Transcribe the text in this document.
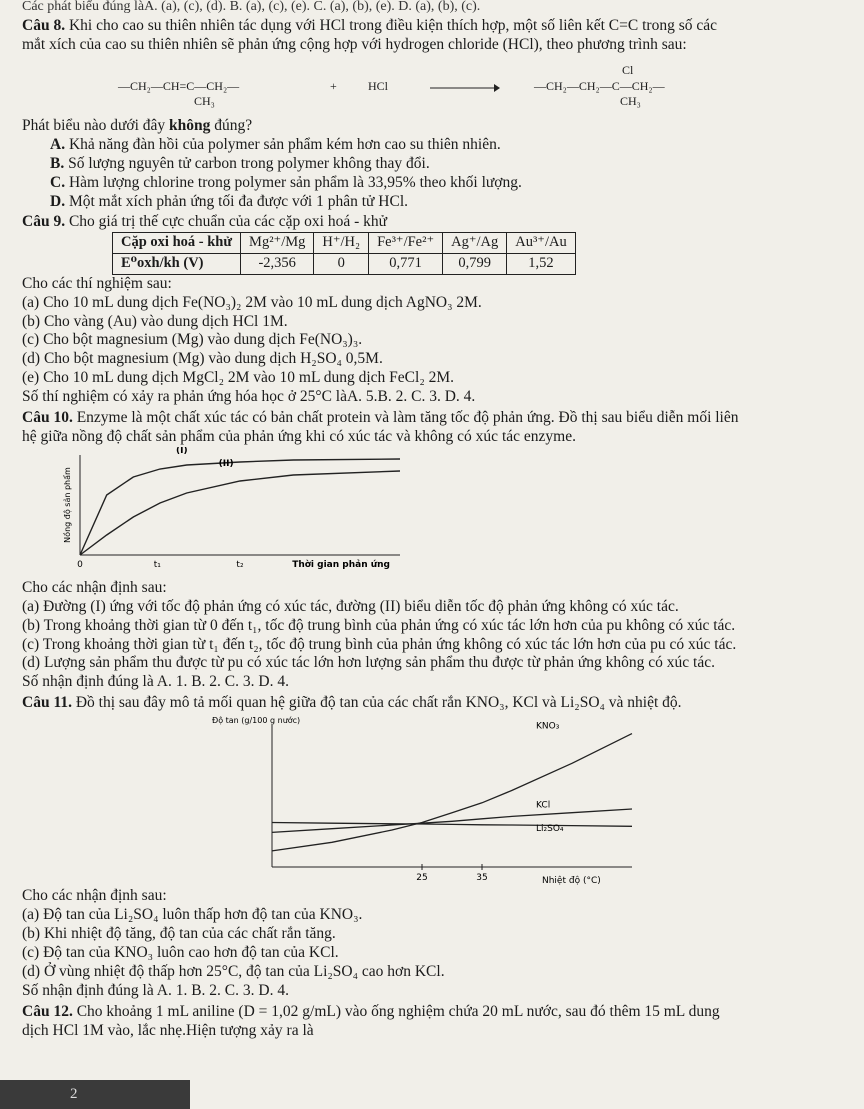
Các phát biểu đúng làA. (a), (c), (d). B. (a), (c), (e). C. (a), (b), (e). D. (a), (b), (c).

Câu 8. Khi cho cao su thiên nhiên tác dụng với HCl trong điều kiện thích hợp, một số liên kết C=C trong số các

mắt xích của cao su thiên nhiên sẽ phản ứng cộng hợp với hydrogen chloride (HCl), theo phương trình sau:

—CH₂—CH=C—CH₂—
CH₃
+	HCl
Cl
—CH₂—CH₂—C—CH₂—
CH₃

Phát biểu nào dưới đây không đúng?

A. Khả năng đàn hồi của polymer sản phẩm kém hơn cao su thiên nhiên.

B. Số lượng nguyên tử carbon trong polymer không thay đổi.

C. Hàm lượng chlorine trong polymer sản phẩm là 33,95% theo khối lượng.

D. Một mắt xích phản ứng tối đa được với 1 phân tử HCl.

Câu 9. Cho giá trị thế cực chuẩn của các cặp oxi hoá - khử

Cặp oxi hoá - khử	Mg²⁺/Mg	H⁺/H₂	Fe³⁺/Fe²⁺	Ag⁺/Ag	Au³⁺/Au
E⁰oxh/kh (V)	-2,356	0	0,771	0,799	1,52

Cho các thí nghiệm sau:

(a) Cho 10 mL dung dịch Fe(NO₃)₂ 2M vào 10 mL dung dịch AgNO₃ 2M.

(b) Cho vàng (Au) vào dung dịch HCl 1M.

(c) Cho bột magnesium (Mg) vào dung dịch Fe(NO₃)₃.

(d) Cho bột magnesium (Mg) vào dung dịch H₂SO₄ 0,5M.

(e) Cho 10 mL dung dịch MgCl₂ 2M vào 10 mL dung dịch FeCl₂ 2M.

Số thí nghiệm có xảy ra phản ứng hóa học ở 25°C làA. 5.B. 2. C. 3. D. 4.

Câu 10. Enzyme là một chất xúc tác có bản chất protein và làm tăng tốc độ phản ứng. Đồ thị sau biểu diễn mối liên

hệ giữa nồng độ chất sản phẩm của phản ứng khi có xúc tác và không có xúc tác enzyme.

0	t₁	t₂	Thời gian phản ứng
Nồng độ sản phẩm
(I)
(II)

Cho các nhận định sau:

(a) Đường (I) ứng với tốc độ phản ứng có xúc tác, đường (II) biểu diễn tốc độ phản ứng không có xúc tác.

(b) Trong khoảng thời gian từ 0 đến t₁, tốc độ trung bình của phản ứng có xúc tác lớn hơn của pu không có xúc tác.

(c) Trong khoảng thời gian từ t₁ đến t₂, tốc độ trung bình của phản ứng không có xúc tác lớn hơn của pu có xúc tác.

(d) Lượng sản phẩm thu được từ pu có xúc tác lớn hơn lượng sản phẩm thu được từ phản ứng không có xúc tác.

Số nhận định đúng là A. 1. B. 2. C. 3. D. 4.

Câu 11. Đồ thị sau đây mô tả mối quan hệ giữa độ tan của các chất rắn KNO₃, KCl và Li₂SO₄ và nhiệt độ.

Độ tan (g/100 g nước)
Nhiệt độ (°C)
25	35
KNO₃
KCl
Li₂SO₄

Cho các nhận định sau:

(a) Độ tan của Li₂SO₄ luôn thấp hơn độ tan của KNO₃.

(b) Khi nhiệt độ tăng, độ tan của các chất rắn tăng.

(c) Độ tan của KNO₃ luôn cao hơn độ tan của KCl.

(d) Ở vùng nhiệt độ thấp hơn 25°C, độ tan của Li₂SO₄ cao hơn KCl.

Số nhận định đúng là A. 1. B. 2. C. 3. D. 4.

Câu 12. Cho khoảng 1 mL aniline (D = 1,02 g/mL) vào ống nghiệm chứa 20 mL nước, sau đó thêm 15 mL dung

dịch HCl 1M vào, lắc nhẹ.Hiện tượng xảy ra là

2
